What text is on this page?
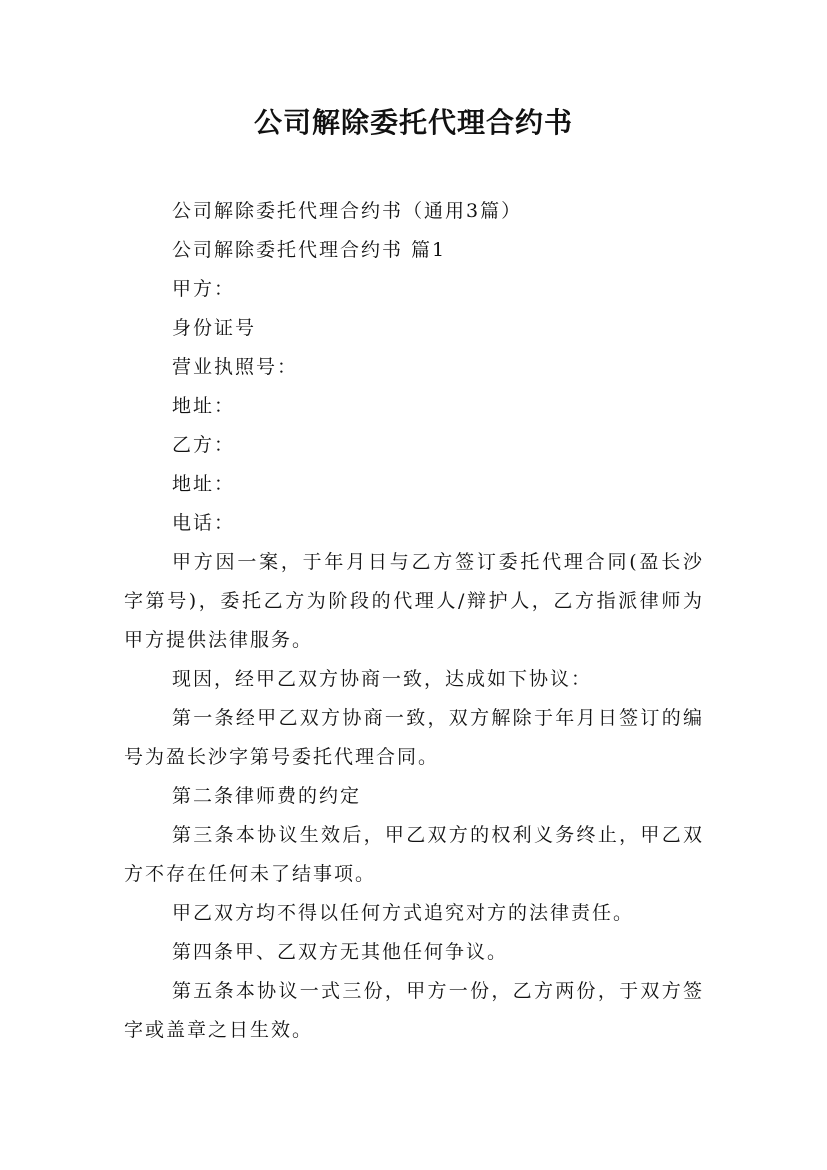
公司解除委托代理合约书

公司解除委托代理合约书（通用3篇）

公司解除委托代理合约书 篇1

甲方：

身份证号

营业执照号：

地址：

乙方：

地址：

电话：

甲方因一案，于年月日与乙方签订委托代理合同(盈长沙字第号)，委托乙方为阶段的代理人/辩护人，乙方指派律师为甲方提供法律服务。

现因，经甲乙双方协商一致，达成如下协议：

第一条经甲乙双方协商一致，双方解除于年月日签订的编号为盈长沙字第号委托代理合同。

第二条律师费的约定

第三条本协议生效后，甲乙双方的权利义务终止，甲乙双方不存在任何未了结事项。

甲乙双方均不得以任何方式追究对方的法律责任。

第四条甲、乙双方无其他任何争议。

第五条本协议一式三份，甲方一份，乙方两份，于双方签字或盖章之日生效。
